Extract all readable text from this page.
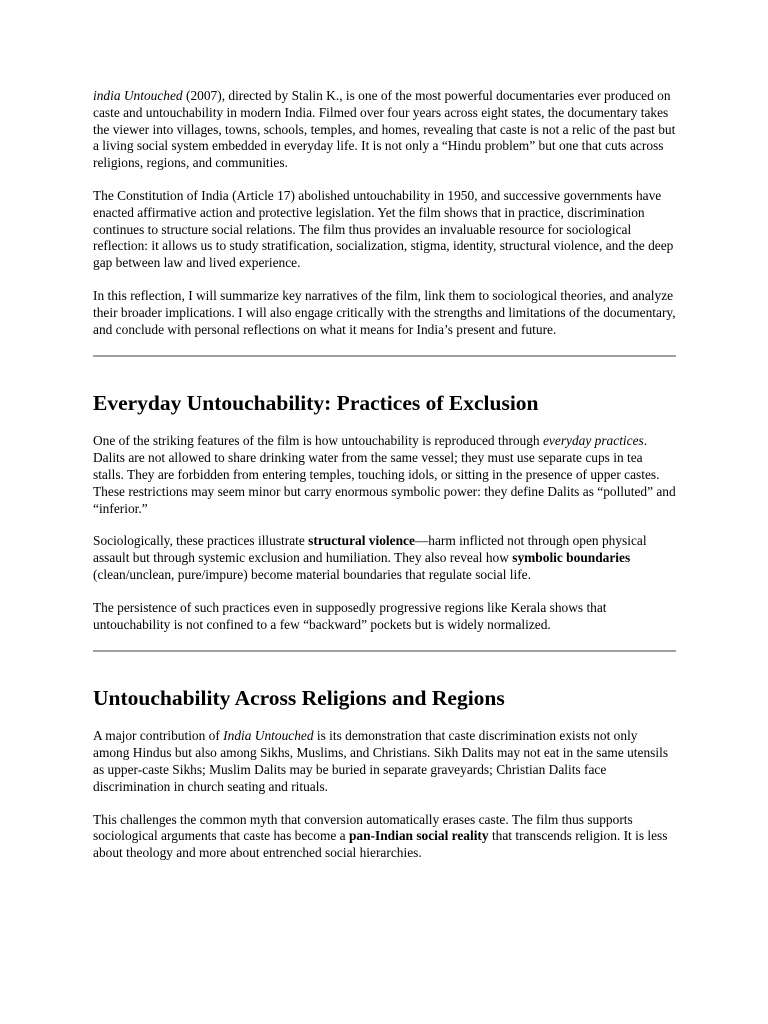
india Untouched (2007), directed by Stalin K., is one of the most powerful documentaries ever produced on caste and untouchability in modern India. Filmed over four years across eight states, the documentary takes the viewer into villages, towns, schools, temples, and homes, revealing that caste is not a relic of the past but a living social system embedded in everyday life. It is not only a “Hindu problem” but one that cuts across religions, regions, and communities.

The Constitution of India (Article 17) abolished untouchability in 1950, and successive governments have enacted affirmative action and protective legislation. Yet the film shows that in practice, discrimination continues to structure social relations. The film thus provides an invaluable resource for sociological reflection: it allows us to study stratification, socialization, stigma, identity, structural violence, and the deep gap between law and lived experience.

In this reflection, I will summarize key narratives of the film, link them to sociological theories, and analyze their broader implications. I will also engage critically with the strengths and limitations of the documentary, and conclude with personal reflections on what it means for India’s present and future.

Everyday Untouchability: Practices of Exclusion

One of the striking features of the film is how untouchability is reproduced through everyday practices. Dalits are not allowed to share drinking water from the same vessel; they must use separate cups in tea stalls. They are forbidden from entering temples, touching idols, or sitting in the presence of upper castes. These restrictions may seem minor but carry enormous symbolic power: they define Dalits as “polluted” and “inferior.”

Sociologically, these practices illustrate structural violence—harm inflicted not through open physical assault but through systemic exclusion and humiliation. They also reveal how symbolic boundaries (clean/unclean, pure/impure) become material boundaries that regulate social life.

The persistence of such practices even in supposedly progressive regions like Kerala shows that untouchability is not confined to a few “backward” pockets but is widely normalized.

Untouchability Across Religions and Regions

A major contribution of India Untouched is its demonstration that caste discrimination exists not only among Hindus but also among Sikhs, Muslims, and Christians. Sikh Dalits may not eat in the same utensils as upper-caste Sikhs; Muslim Dalits may be buried in separate graveyards; Christian Dalits face discrimination in church seating and rituals.

This challenges the common myth that conversion automatically erases caste. The film thus supports sociological arguments that caste has become a pan-Indian social reality that transcends religion. It is less about theology and more about entrenched social hierarchies.
